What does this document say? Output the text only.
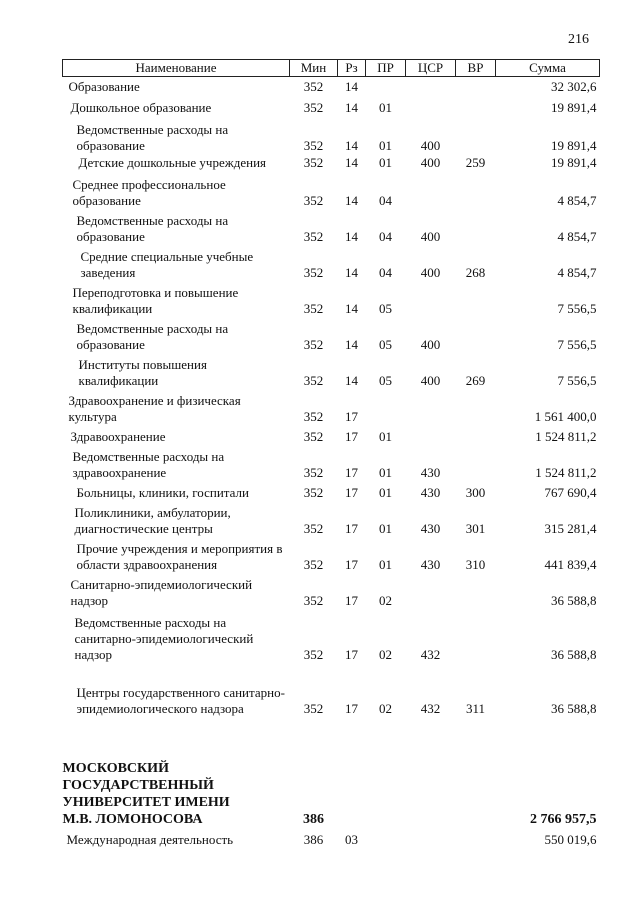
216
Наименование	Мин	Рз	ПР	ЦСР	ВР	Сумма

Образование	352	14				32 302,6

Дошкольное образование	352	14	01			19 891,4

Ведомственные расходы на образование	352	14	01	400		19 891,4

Детские дошкольные учреждения	352	14	01	400	259	19 891,4

Среднее профессиональное образование	352	14	04			4 854,7

Ведомственные расходы на образование	352	14	04	400		4 854,7

Средние специальные учебные заведения	352	14	04	400	268	4 854,7

Переподготовка и повышение квалификации	352	14	05			7 556,5

Ведомственные расходы на образование	352	14	05	400		7 556,5

Институты повышения квалификации	352	14	05	400	269	7 556,5

Здравоохранение и физическая культура	352	17				1 561 400,0

Здравоохранение	352	17	01			1 524 811,2

Ведомственные расходы на здравоохранение	352	17	01	430		1 524 811,2

Больницы, клиники, госпитали	352	17	01	430	300	767 690,4

Поликлиники, амбулатории, диагностические центры	352	17	01	430	301	315 281,4

Прочие учреждения и мероприятия в области здравоохранения	352	17	01	430	310	441 839,4

Санитарно-эпидемиологический надзор	352	17	02			36 588,8

Ведомственные расходы на санитарно-эпидемиологический надзор	352	17	02	432		36 588,8

Центры государственного санитарно-эпидемиологического надзора	352	17	02	432	311	36 588,8

МОСКОВСКИЙ ГОСУДАРСТВЕННЫЙ УНИВЕРСИТЕТ ИМЕНИ М.В. ЛОМОНОСОВА	386					2 766 957,5

Международная деятельность	386	03				550 019,6
